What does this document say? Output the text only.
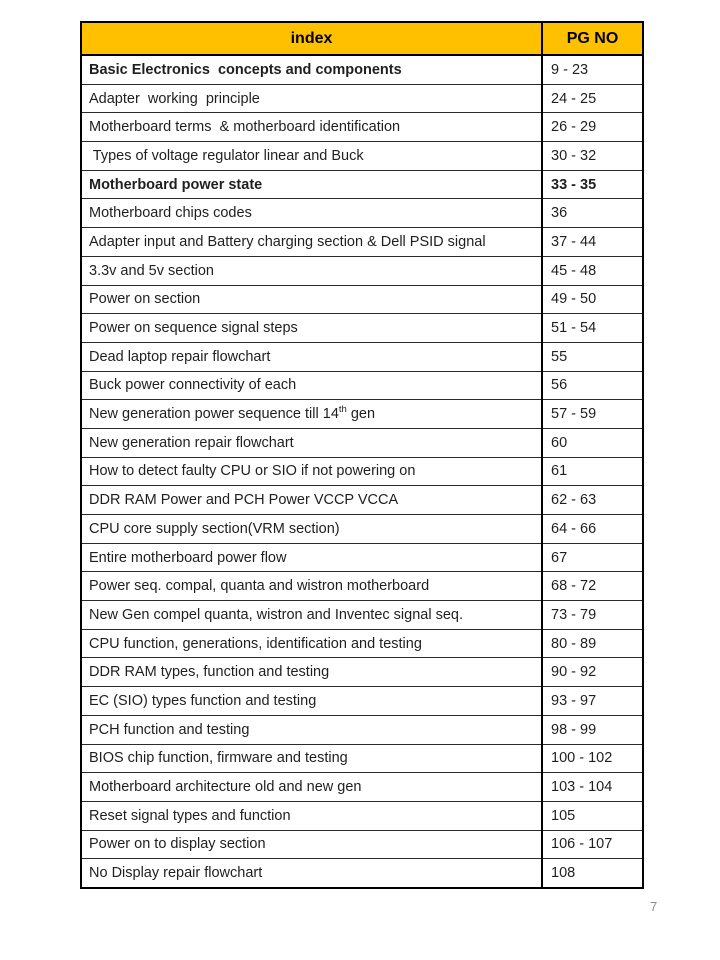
index	PG NO
Basic Electronics  concepts and components	9 - 23
Adapter  working  principle	24 - 25
Motherboard terms  & motherboard identification	26 - 29
Types of voltage regulator linear and Buck	30 - 32
Motherboard power state	33 - 35
Motherboard chips codes	36
Adapter input and Battery charging section & Dell PSID signal	37 - 44
3.3v and 5v section	45 - 48
Power on section	49 - 50
Power on sequence signal steps	51 - 54
Dead laptop repair flowchart	55
Buck power connectivity of each	56
New generation power sequence till 14th gen	57 - 59
New generation repair flowchart	60
How to detect faulty CPU or SIO if not powering on	61
DDR RAM Power and PCH Power VCCP VCCA	62 - 63
CPU core supply section(VRM section)	64 - 66
Entire motherboard power flow	67
Power seq. compal, quanta and wistron motherboard	68 - 72
New Gen compel quanta, wistron and Inventec signal seq.	73 - 79
CPU function, generations, identification and testing	80 - 89
DDR RAM types, function and testing	90 - 92
EC (SIO) types function and testing	93 - 97
PCH function and testing	98 - 99
BIOS chip function, firmware and testing	100 - 102
Motherboard architecture old and new gen	103 - 104
Reset signal types and function	105
Power on to display section	106 - 107
No Display repair flowchart	108
7
